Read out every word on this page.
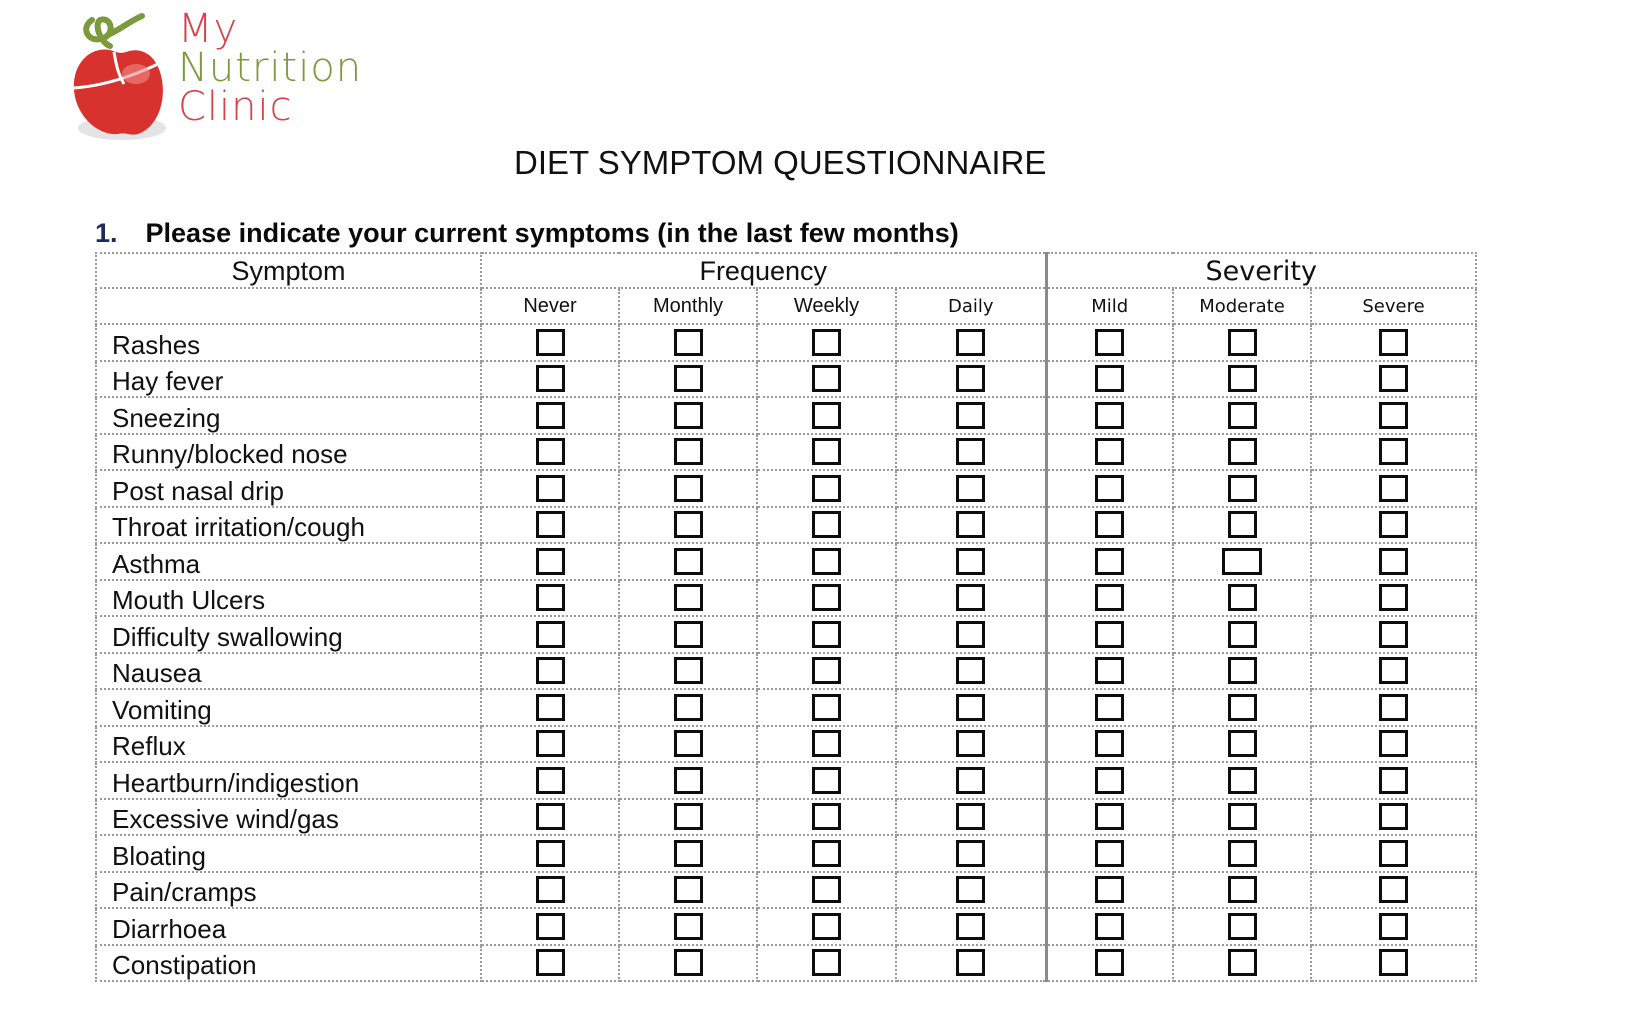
My
Nutrition
Clinic
DIET SYMPTOM QUESTIONNAIRE
1. Please indicate your current symptoms (in the last few months)
Symptom	Frequency				Severity		
	Never	Monthly	Weekly	Daily	Mild	Moderate	Severe
Rashes							
Hay fever							
Sneezing							
Runny/blocked nose							
Post nasal drip							
Throat irritation/cough							
Asthma							
Mouth Ulcers							
Difficulty swallowing							
Nausea							
Vomiting							
Reflux							
Heartburn/indigestion							
Excessive wind/gas							
Bloating							
Pain/cramps							
Diarrhoea							
Constipation							
